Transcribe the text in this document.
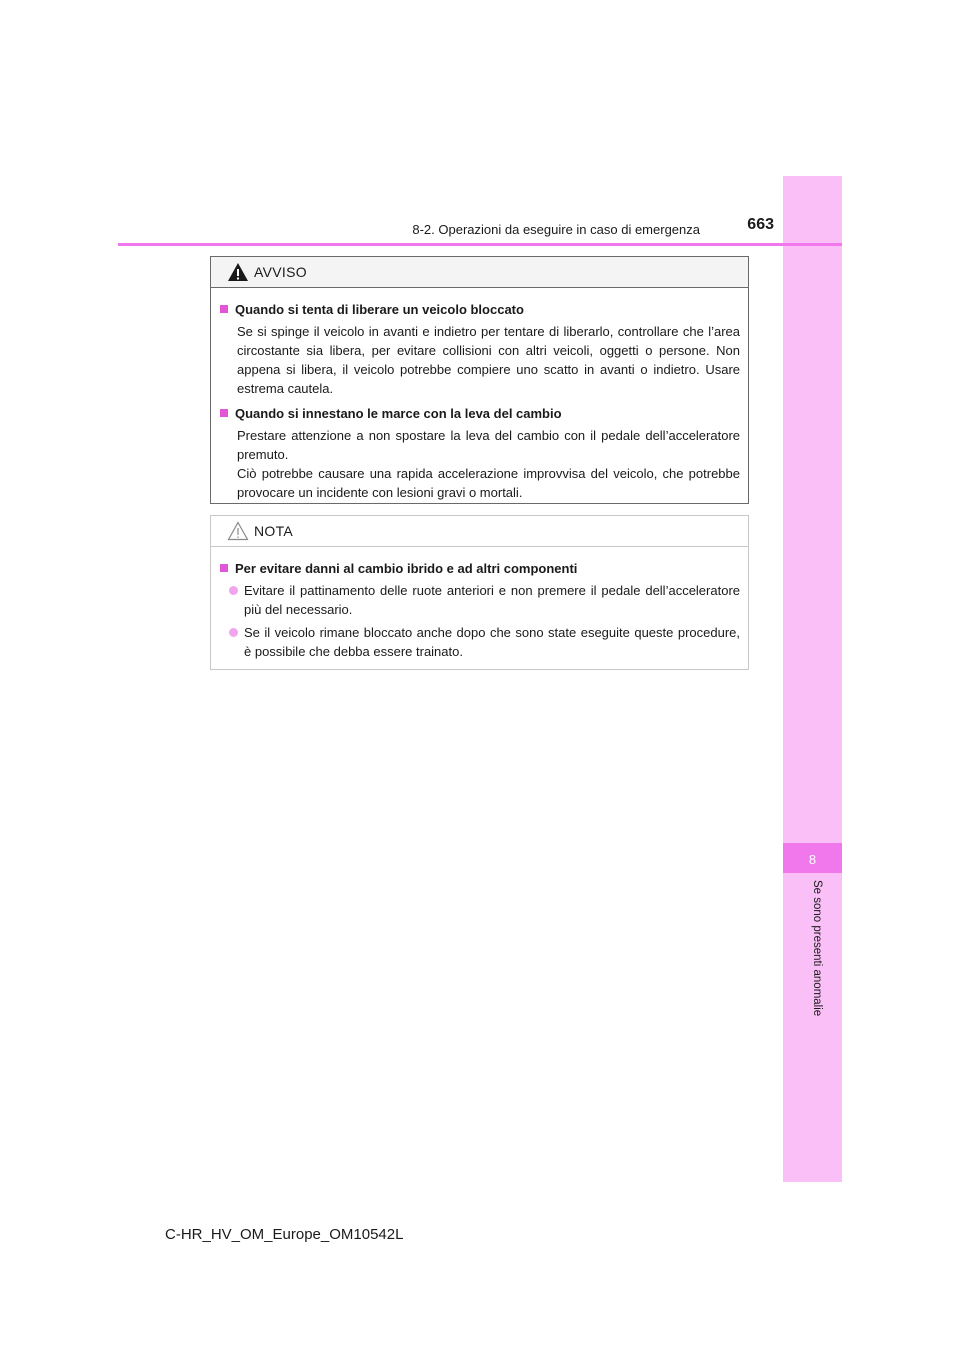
8
Se sono presenti anomalie
8-2. Operazioni da eseguire in caso di emergenza	663
AVVISO
Quando si tenta di liberare un veicolo bloccato
Se si spinge il veicolo in avanti e indietro per tentare di liberarlo, controllare che l’area circostante sia libera, per evitare collisioni con altri veicoli, oggetti o persone. Non appena si libera, il veicolo potrebbe compiere uno scatto in avanti o indietro. Usare estrema cautela.
Quando si innestano le marce con la leva del cambio
Prestare attenzione a non spostare la leva del cambio con il pedale dell’acceleratore premuto.
Ciò potrebbe causare una rapida accelerazione improvvisa del veicolo, che potrebbe provocare un incidente con lesioni gravi o mortali.
NOTA
Per evitare danni al cambio ibrido e ad altri componenti
Evitare il pattinamento delle ruote anteriori e non premere il pedale dell’acceleratore più del necessario.
Se il veicolo rimane bloccato anche dopo che sono state eseguite queste procedure, è possibile che debba essere trainato.
C-HR_HV_OM_Europe_OM10542L
